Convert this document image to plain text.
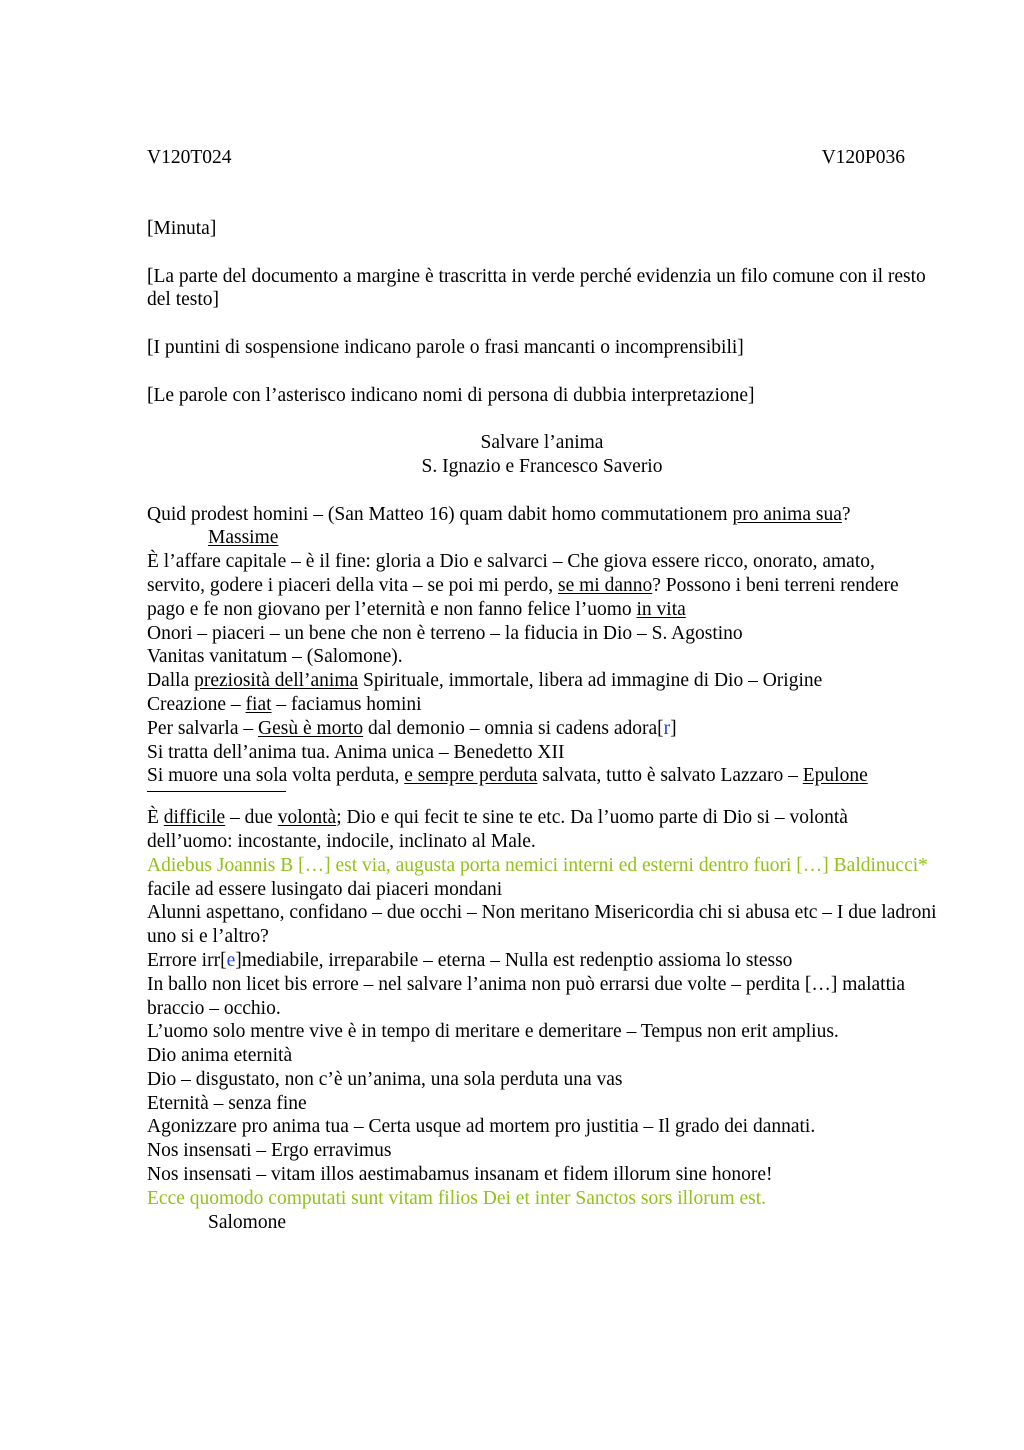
V120T024	V120P036

[Minuta]

[La parte del documento a margine è trascritta in verde perché evidenzia un filo comune con il resto del testo]

[I puntini di sospensione indicano parole o frasi mancanti o incomprensibili]

[Le parole con l’asterisco indicano nomi di persona di dubbia interpretazione]

Salvare l’anima

S. Ignazio e Francesco Saverio

Quid prodest homini – (San Matteo 16) quam dabit homo commutationem pro anima sua?

Massime

È l’affare capitale – è il fine: gloria a Dio e salvarci – Che giova essere ricco, onorato, amato, servito, godere i piaceri della vita – se poi mi perdo, se mi danno? Possono i beni terreni rendere pago e fe non giovano per l’eternità e non fanno felice l’uomo in vita

Onori – piaceri – un bene che non è terreno – la fiducia in Dio – S. Agostino

Vanitas vanitatum – (Salomone).

Dalla preziosità dell’anima Spirituale, immortale, libera ad immagine di Dio – Origine

Creazione – fiat – faciamus homini

Per salvarla – Gesù è morto dal demonio – omnia si cadens adora[r]

Si tratta dell’anima tua. Anima unica – Benedetto XII

Si muore una sola volta perduta, e sempre perduta salvata, tutto è salvato Lazzaro – Epulone

È difficile – due volontà; Dio e qui fecit te sine te etc. Da l’uomo parte di Dio si – volontà dell’uomo: incostante, indocile, inclinato al Male.

Adiebus Joannis B […] est via, augusta porta nemici interni ed esterni dentro fuori […] Baldinucci*

facile ad essere lusingato dai piaceri mondani

Alunni aspettano, confidano – due occhi – Non meritano Misericordia chi si abusa etc – I due ladroni uno si e l’altro?

Errore irr[e]mediabile, irreparabile – eterna – Nulla est redenptio assioma lo stesso

In ballo non licet bis errore – nel salvare l’anima non può errarsi due volte – perdita […] malattia braccio – occhio.

L’uomo solo mentre vive è in tempo di meritare e demeritare – Tempus non erit amplius.

Dio anima eternità

Dio – disgustato, non c’è un’anima, una sola perduta una vas

Eternità – senza fine

Agonizzare pro anima tua – Certa usque ad mortem pro justitia – Il grado dei dannati.

Nos insensati – Ergo erravimus

Nos insensati – vitam illos aestimabamus insanam et fidem illorum sine honore!

Ecce quomodo computati sunt vitam filios Dei et inter Sanctos sors illorum est.

Salomone
